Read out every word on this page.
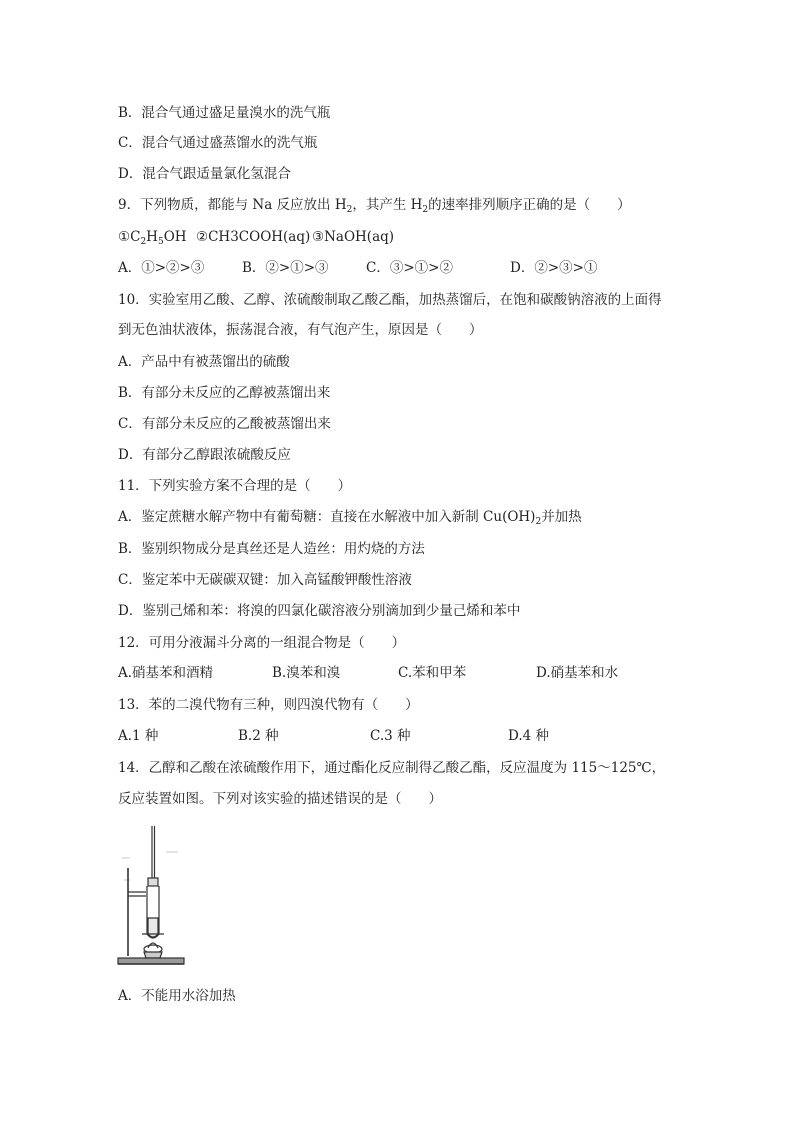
B．混合气通过盛足量溴水的洗气瓶
C．混合气通过盛蒸馏水的洗气瓶
D．混合气跟适量氯化氢混合
9．下列物质，都能与 Na 反应放出 $H_2$，其产生 $H_2$的速率排列顺序正确的是（　　）
$①C_2H_5OH$ ②CH3COOH(aq) ③NaOH(aq)
A．①>②>③	B．②>①>③	C．③>①>②	D．②>③>①
10．实验室用乙酸、乙醇、浓硫酸制取乙酸乙酯，加热蒸馏后，在饱和碳酸钠溶液的上面得
到无色油状液体，振荡混合液，有气泡产生，原因是（　　）
A．产品中有被蒸馏出的硫酸
B．有部分未反应的乙醇被蒸馏出来
C．有部分未反应的乙酸被蒸馏出来
D．有部分乙醇跟浓硫酸反应
11．下列实验方案不合理的是（　　）
A．鉴定蔗糖水解产物中有葡萄糖：直接在水解液中加入新制 $Cu(OH)_2$并加热
B．鉴别织物成分是真丝还是人造丝：用灼烧的方法
C．鉴定苯中无碳碳双键：加入高锰酸钾酸性溶液
D．鉴别己烯和苯：将溴的四氯化碳溶液分别滴加到少量己烯和苯中
12．可用分液漏斗分离的一组混合物是（　　）
A.硝基苯和酒精	B.溴苯和溴	C.苯和甲苯	D.硝基苯和水
13．苯的二溴代物有三种，则四溴代物有（　　）
A.1 种	B.2 种	C.3 种	D.4 种
14．乙醇和乙酸在浓硫酸作用下，通过酯化反应制得乙酸乙酯，反应温度为 115～125℃，
反应装置如图。下列对该实验的描述错误的是（　　）
A．不能用水浴加热
